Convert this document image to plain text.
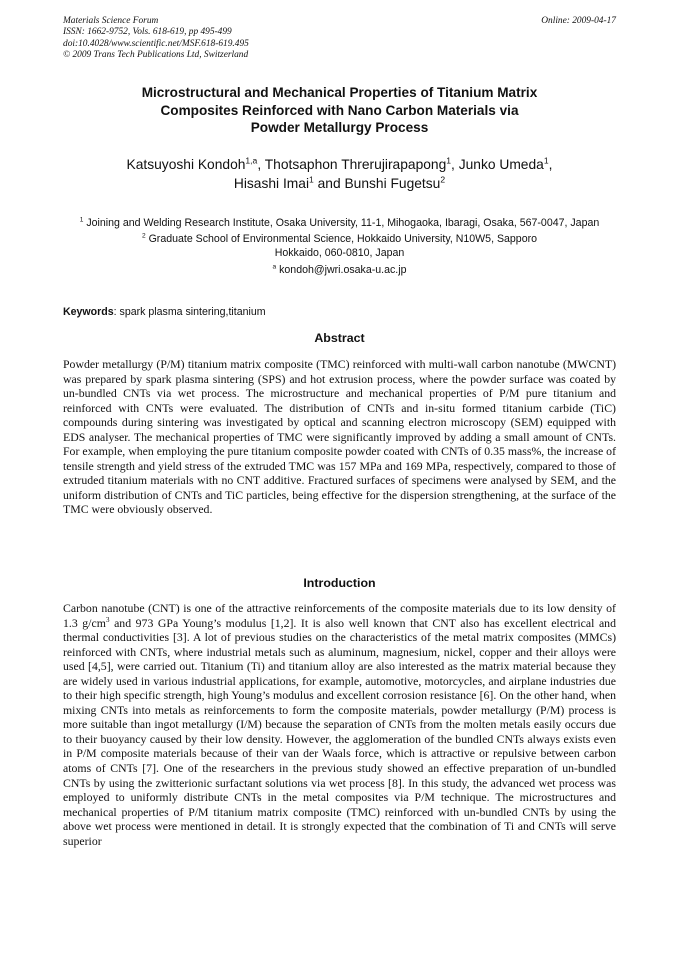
Materials Science Forum
ISSN: 1662-9752, Vols. 618-619, pp 495-499
doi:10.4028/www.scientific.net/MSF.618-619.495
© 2009 Trans Tech Publications Ltd, Switzerland
Online: 2009-04-17
Microstructural and Mechanical Properties of Titanium Matrix
Composites Reinforced with Nano Carbon Materials via
Powder Metallurgy Process
Katsuyoshi Kondoh$^{1,a}$, Thotsaphon Threrujirapapong$^1$, Junko Umeda$^1$,
Hisashi Imai$^1$ and Bunshi Fugetsu$^2$
$^1$ Joining and Welding Research Institute, Osaka University, 11-1, Mihogaoka, Ibaragi, Osaka, 567-0047, Japan
$^2$ Graduate School of Environmental Science, Hokkaido University, N10W5, Sapporo
Hokkaido, 060-0810, Japan
$^a$ kondoh@jwri.osaka-u.ac.jp
Keywords: spark plasma sintering,titanium
Abstract
Powder metallurgy (P/M) titanium matrix composite (TMC) reinforced with multi-wall carbon nanotube (MWCNT) was prepared by spark plasma sintering (SPS) and hot extrusion process, where the powder surface was coated by un-bundled CNTs via wet process. The microstructure and mechanical properties of P/M pure titanium and reinforced with CNTs were evaluated. The distribution of CNTs and in-situ formed titanium carbide (TiC) compounds during sintering was investigated by optical and scanning electron microscopy (SEM) equipped with EDS analyser. The mechanical properties of TMC were significantly improved by adding a small amount of CNTs. For example, when employing the pure titanium composite powder coated with CNTs of 0.35 mass%, the increase of tensile strength and yield stress of the extruded TMC was 157 MPa and 169 MPa, respectively, compared to those of extruded titanium materials with no CNT additive. Fractured surfaces of specimens were analysed by SEM, and the uniform distribution of CNTs and TiC particles, being effective for the dispersion strengthening, at the surface of the TMC were obviously observed.
Introduction
Carbon nanotube (CNT) is one of the attractive reinforcements of the composite materials due to its low density of 1.3 $g/cm^3$ and 973 GPa Young’s modulus [1,2]. It is also well known that CNT also has excellent electrical and thermal conductivities [3]. A lot of previous studies on the characteristics of the metal matrix composites (MMCs) reinforced with CNTs, where industrial metals such as aluminum, magnesium, nickel, copper and their alloys were used [4,5], were carried out. Titanium (Ti) and titanium alloy are also interested as the matrix material because they are widely used in various industrial applications, for example, automotive, motorcycles, and airplane industries due to their high specific strength, high Young’s modulus and excellent corrosion resistance [6]. On the other hand, when mixing CNTs into metals as reinforcements to form the composite materials, powder metallurgy (P/M) process is more suitable than ingot metallurgy (I/M) because the separation of CNTs from the molten metals easily occurs due to their buoyancy caused by their low density. However, the agglomeration of the bundled CNTs always exists even in P/M composite materials because of their van der Waals force, which is attractive or repulsive between carbon atoms of CNTs [7]. One of the researchers in the previous study showed an effective preparation of un-bundled CNTs by using the zwitterionic surfactant solutions via wet process [8]. In this study, the advanced wet process was employed to uniformly distribute CNTs in the metal composites via P/M technique. The microstructures and mechanical properties of P/M titanium matrix composite (TMC) reinforced with un-bundled CNTs by using the above wet process were mentioned in detail. It is strongly expected that the combination of Ti and CNTs will serve superior
